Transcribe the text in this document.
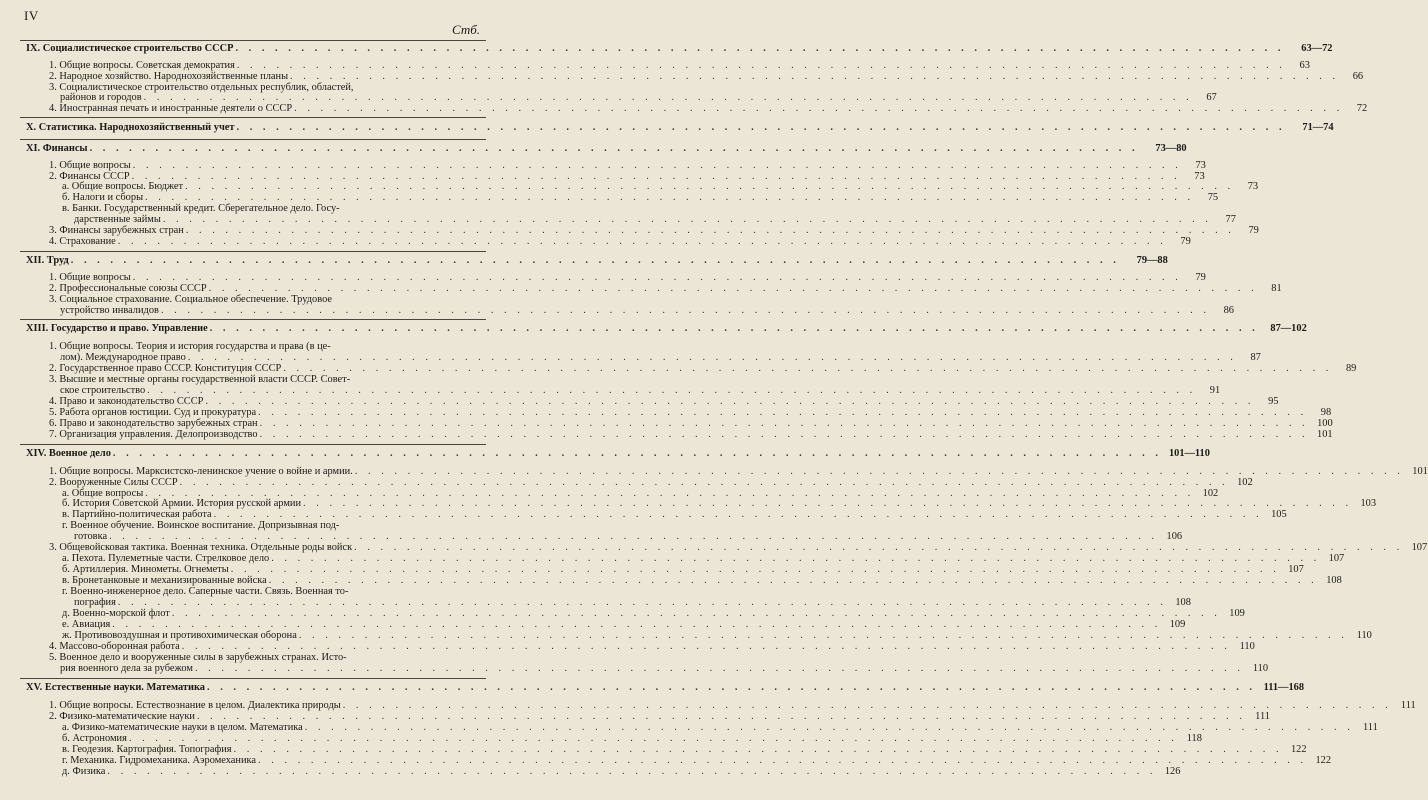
IV
Стб.
IX. Социалистическое строительство СССР . . .	63—72
1. Общие вопросы. Советская демократия . . .	63
2. Народное хозяйство. Народнохозяйственные планы . . .	66
3. Социалистическое строительство отдельных республик, областей,
районов и городов . . .	67
4. Иностранная печать и иностранные деятели о СССР . . .	72
X. Статистика. Народнохозяйственный учет . . .	71—74
XI. Финансы . . .	73—80
1. Общие вопросы . . .	73
2. Финансы СССР . . .	73
а. Общие вопросы. Бюджет . . .	73
б. Налоги и сборы . . .	75
в. Банки. Государственный кредит. Сберегательное дело. Госу-
дарственные займы . . .	77
3. Финансы зарубежных стран . . .	79
4. Страхование . . .	79
XII. Труд . . .	79—88
1. Общие вопросы . . .	79
2. Профессиональные союзы СССР . . .	81
3. Социальное страхование. Социальное обеспечение. Трудовое
устройство инвалидов . . .	86
XIII. Государство и право. Управление . . .	87—102
1. Общие вопросы. Теория и история государства и права (в це-
лом). Международное право . . .	87
2. Государственное право СССР. Конституция СССР . . .	89
3. Высшие и местные органы государственной власти СССР. Совет-
ское строительство . . .	91
4. Право и законодательство СССР . . .	95
5. Работа органов юстиции. Суд и прокуратура . . .	98
6. Право и законодательство зарубежных стран . . .	100
7. Организация управления. Делопроизводство . . .	101
XIV. Военное дело . . .	101—110
1. Общие вопросы. Марксистско-ленинское учение о войне и армии. . . .	101
2. Вооруженные Силы СССР . . .	102
а. Общие вопросы . . .	102
б. История Советской Армии. История русской армии . . .	103
в. Партийно-политическая работа . . .	105
г. Военное обучение. Воинское воспитание. Допризывная под-
готовка . . .	106
3. Общевойсковая тактика. Военная техника. Отдельные роды войск . . .	107
а. Пехота. Пулеметные части. Стрелковое дело . . .	107
б. Артиллерия. Минометы. Огнеметы . . .	107
в. Бронетанковые и механизированные войска . . .	108
г. Военно-инженерное дело. Саперные части. Связь. Военная то-
пография . . .	108
д. Военно-морской флот . . .	109
е. Авиация . . .	109
ж. Противовоздушная и противохимическая оборона . . .	110
4. Массово-оборонная работа . . .	110
5. Военное дело и вооруженные силы в зарубежных странах. Исто-
рия военного дела за рубежом . . .	110
XV. Естественные науки. Математика . . .	111—168
1. Общие вопросы. Естествознание в целом. Диалектика природы . . .	111
2. Физико-математические науки . . .	111
а. Физико-математические науки в целом. Математика . . .	111
б. Астрономия . . .	118
в. Геодезия. Картография. Топография . . .	122
г. Механика. Гидромеханика. Аэромеханика . . .	122
д. Физика . . .	126
